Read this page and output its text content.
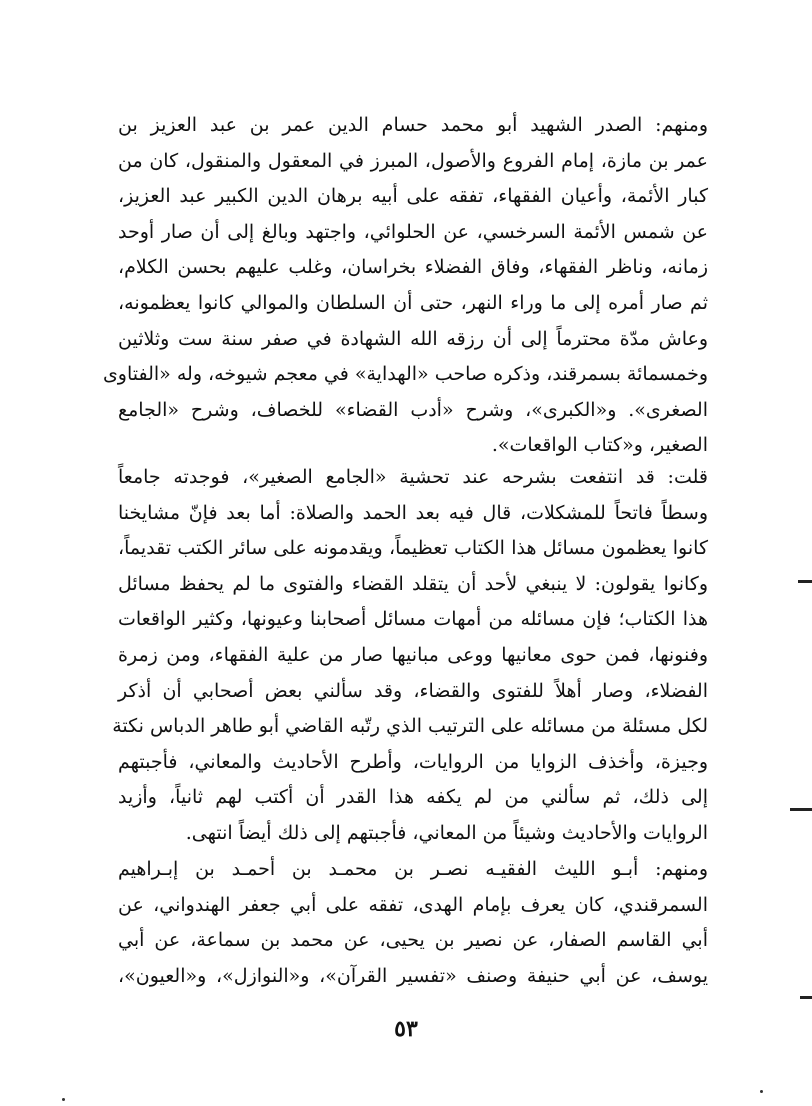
ومنهم: الصدر الشهيد أبو محمد حسام الدين عمر بن عبد العزيز بن
عمر بن مازة، إمام الفروع والأصول، المبرز في المعقول والمنقول، كان من
كبار الأئمة، وأعيان الفقهاء، تفقه على أبيه برهان الدين الكبير عبد العزيز،
عن شمس الأئمة السرخسي، عن الحلوائي، واجتهد وبالغ إلى أن صار أوحد
زمانه، وناظر الفقهاء، وفاق الفضلاء بخراسان، وغلب عليهم بحسن الكلام،
ثم صار أمره إلى ما وراء النهر، حتى أن السلطان والموالي كانوا يعظمونه،
وعاش مدّة محترماً إلى أن رزقه الله الشهادة في صفر سنة ست وثلاثين
وخمسمائة بسمرقند، وذكره صاحب «الهداية» في معجم شيوخه، وله «الفتاوى
الصغرى». و«الكبرى»، وشرح «أدب القضاء» للخصاف، وشرح «الجامع
الصغير، و«كتاب الواقعات».
قلت: قد انتفعت بشرحه عند تحشية «الجامع الصغير»، فوجدته جامعاً
وسطاً فاتحاً للمشكلات، قال فيه بعد الحمد والصلاة: أما بعد فإنّ مشايخنا
كانوا يعظمون مسائل هذا الكتاب تعظيماً، ويقدمونه على سائر الكتب تقديماً،
وكانوا يقولون: لا ينبغي لأحد أن يتقلد القضاء والفتوى ما لم يحفظ مسائل
هذا الكتاب؛ فإن مسائله من أمهات مسائل أصحابنا وعيونها، وكثير الواقعات
وفنونها، فمن حوى معانيها ووعى مبانيها صار من علية الفقهاء، ومن زمرة
الفضلاء، وصار أهلاً للفتوى والقضاء، وقد سألني بعض أصحابي أن أذكر
لكل مسئلة من مسائله على الترتيب الذي رتّبه القاضي أبو طاهر الدباس نكتة
وجيزة، وأخذف الزوايا من الروايات، وأطرح الأحاديث والمعاني، فأجبتهم
إلى ذلك، ثم سألني من لم يكفه هذا القدر أن أكتب لهم ثانياً، وأزيد
الروايات والأحاديث وشيئاً من المعاني، فأجبتهم إلى ذلك أيضاً انتهى.
ومنهم: أبـو الليث الفقيـه نصـر بن محمـد بن أحمـد بن إبـراهيم
السمرقندي، كان يعرف بإمام الهدى، تفقه على أبي جعفر الهندواني، عن
أبي القاسم الصفار، عن نصير بن يحيى، عن محمد بن سماعة، عن أبي
يوسف، عن أبي حنيفة وصنف «تفسير القرآن»، و«النوازل»، و«العيون»،
٥٣
